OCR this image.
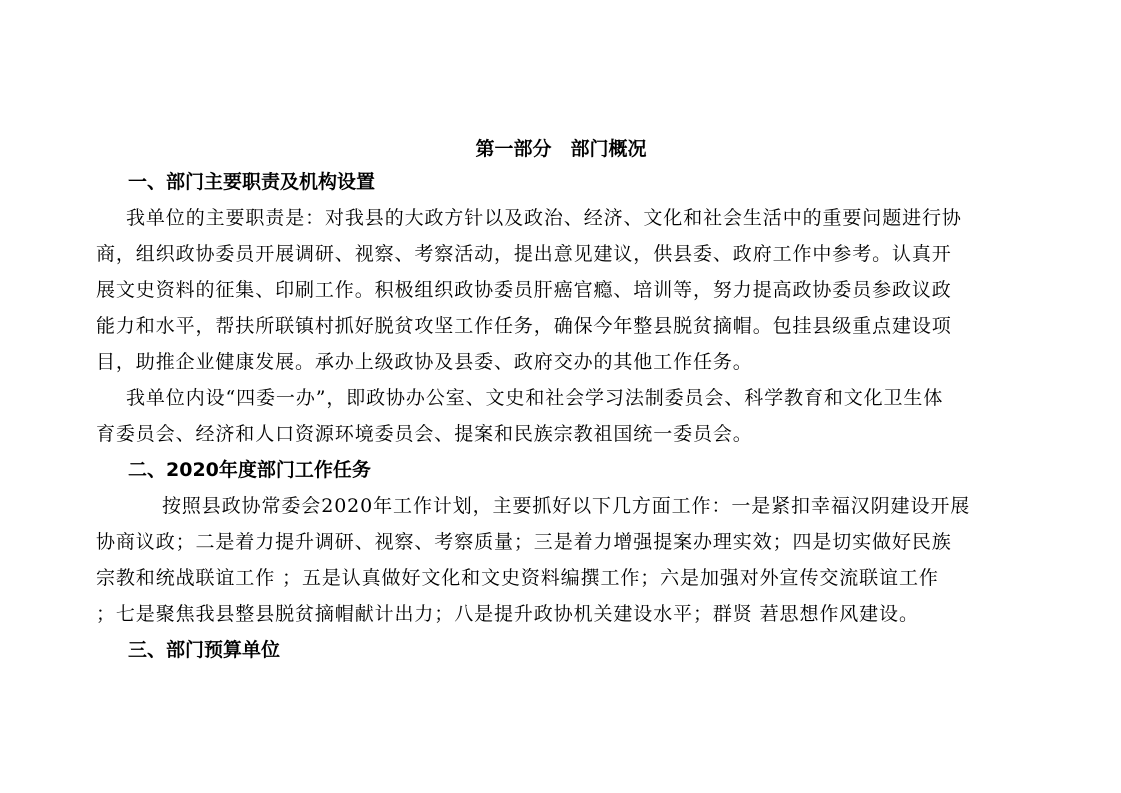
第一部分　部门概况
一、部门主要职责及机构设置
我单位的主要职责是：对我县的大政方针以及政治、经济、文化和社会生活中的重要问题进行协
商，组织政协委员开展调研、视察、考察活动，提出意见建议，供县委、政府工作中参考。认真开
展文史资料的征集、印刷工作。积极组织政协委员肝癌官瘾、培训等，努力提高政协委员参政议政
能力和水平，帮扶所联镇村抓好脱贫攻坚工作任务，确保今年整县脱贫摘帽。包挂县级重点建设项
目，助推企业健康发展。承办上级政协及县委、政府交办的其他工作任务。
我单位内设“四委一办”，即政协办公室、文史和社会学习法制委员会、科学教育和文化卫生体
育委员会、经济和人口资源环境委员会、提案和民族宗教祖国统一委员会。
二、2020年度部门工作任务
按照县政协常委会2020年工作计划，主要抓好以下几方面工作：一是紧扣幸福汉阴建设开展
协商议政；二是着力提升调研、视察、考察质量；三是着力增强提案办理实效；四是切实做好民族
宗教和统战联谊工作 ；五是认真做好文化和文史资料编撰工作；六是加强对外宣传交流联谊工作
；七是聚焦我县整县脱贫摘帽献计出力；八是提升政协机关建设水平；群贤 莙思想作风建设。
三、部门预算单位
